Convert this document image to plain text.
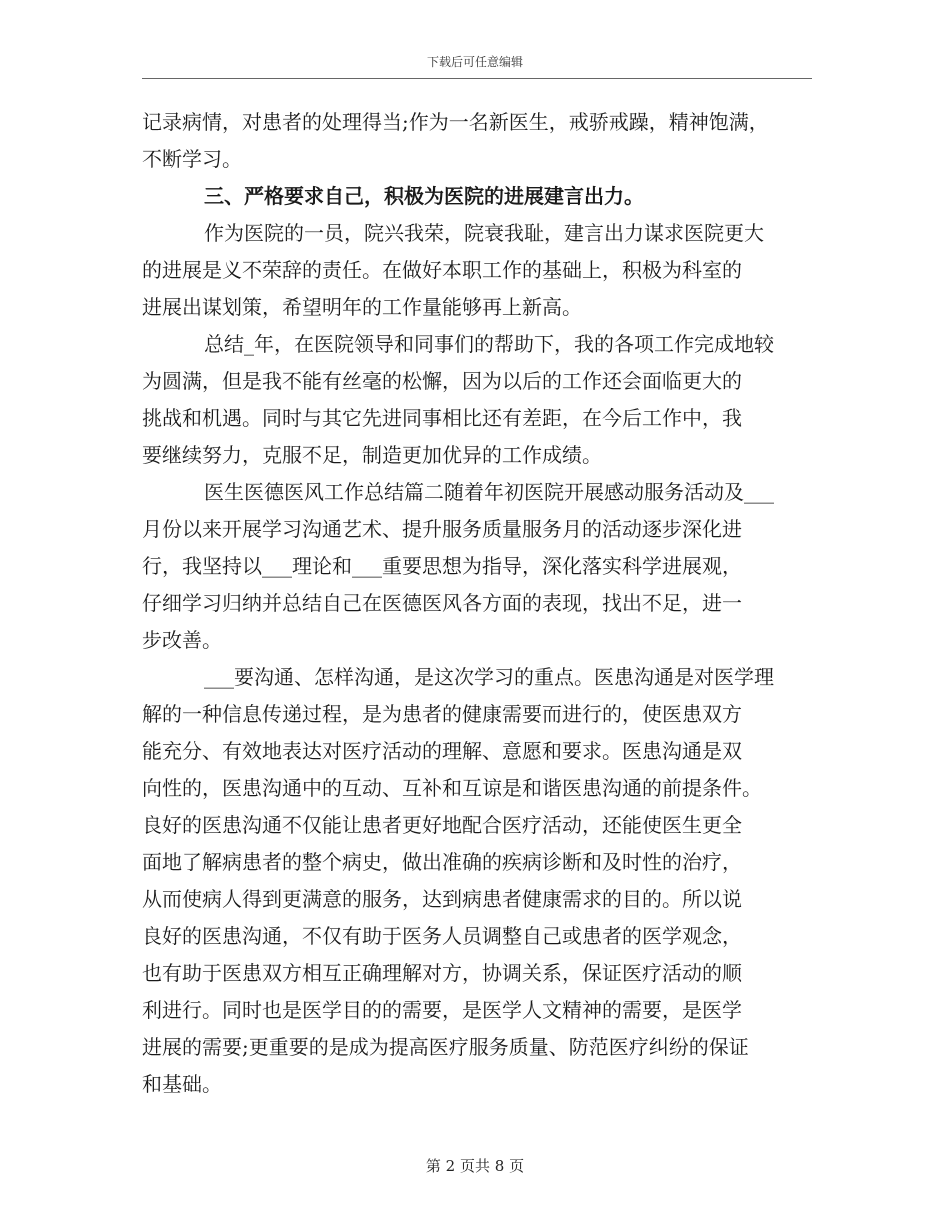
下载后可任意编辑
记录病情，对患者的处理得当;作为一名新医生，戒骄戒躁，精神饱满，
不断学习。
三、严格要求自己，积极为医院的进展建言出力。
作为医院的一员，院兴我荣，院衰我耻，建言出力谋求医院更大
的进展是义不荣辞的责任。在做好本职工作的基础上，积极为科室的
进展出谋划策，希望明年的工作量能够再上新高。
总结_年，在医院领导和同事们的帮助下，我的各项工作完成地较
为圆满，但是我不能有丝毫的松懈，因为以后的工作还会面临更大的
挑战和机遇。同时与其它先进同事相比还有差距，在今后工作中，我
要继续努力，克服不足，制造更加优异的工作成绩。
医生医德医风工作总结篇二随着年初医院开展感动服务活动及___
月份以来开展学习沟通艺术、提升服务质量服务月的活动逐步深化进
行，我坚持以___理论和___重要思想为指导，深化落实科学进展观，
仔细学习归纳并总结自己在医德医风各方面的表现，找出不足，进一
步改善。
___要沟通、怎样沟通，是这次学习的重点。医患沟通是对医学理
解的一种信息传递过程，是为患者的健康需要而进行的，使医患双方
能充分、有效地表达对医疗活动的理解、意愿和要求。医患沟通是双
向性的，医患沟通中的互动、互补和互谅是和谐医患沟通的前提条件。
良好的医患沟通不仅能让患者更好地配合医疗活动，还能使医生更全
面地了解病患者的整个病史，做出准确的疾病诊断和及时性的治疗，
从而使病人得到更满意的服务，达到病患者健康需求的目的。所以说
良好的医患沟通，不仅有助于医务人员调整自己或患者的医学观念，
也有助于医患双方相互正确理解对方，协调关系，保证医疗活动的顺
利进行。同时也是医学目的的需要，是医学人文精神的需要，是医学
进展的需要;更重要的是成为提高医疗服务质量、防范医疗纠纷的保证
和基础。
第 2 页共 8 页
